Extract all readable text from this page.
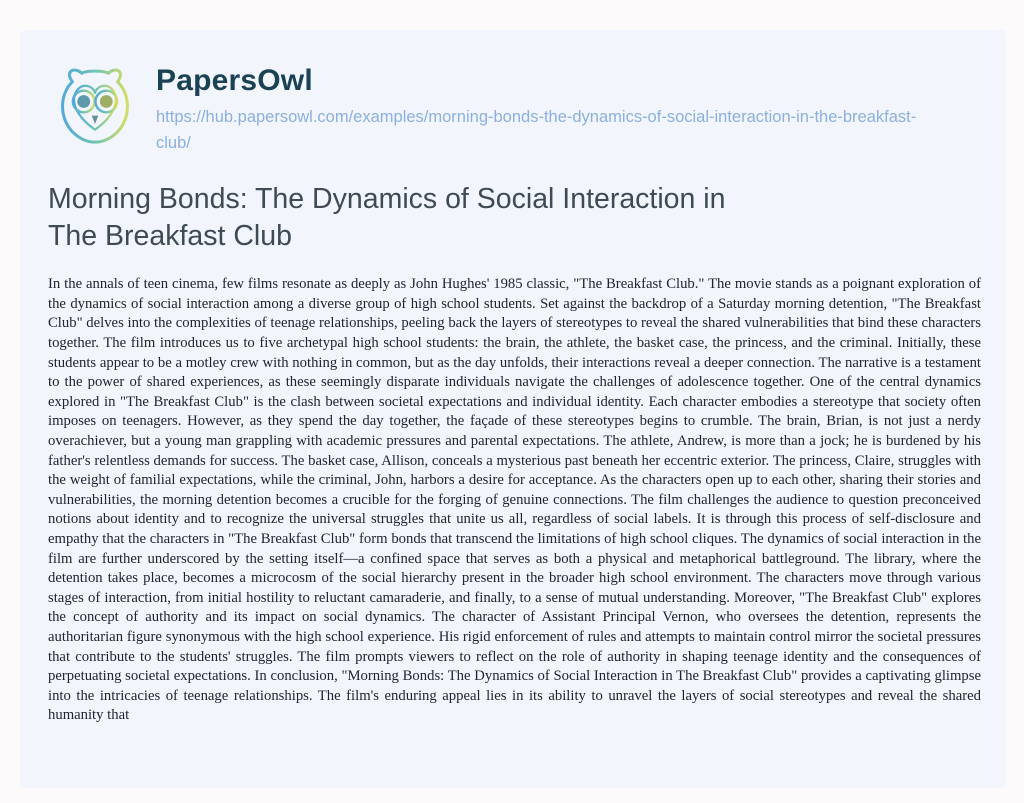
PapersOwl
https://hub.papersowl.com/examples/morning-bonds-the-dynamics-of-social-interaction-in-the-breakfast-club/
Morning Bonds: The Dynamics of Social Interaction in The Breakfast Club

In the annals of teen cinema, few films resonate as deeply as John Hughes' 1985 classic, "The Breakfast Club." The movie stands as a poignant exploration of the dynamics of social interaction among a diverse group of high school students. Set against the backdrop of a Saturday morning detention, "The Breakfast Club" delves into the complexities of teenage relationships, peeling back the layers of stereotypes to reveal the shared vulnerabilities that bind these characters together. The film introduces us to five archetypal high school students: the brain, the athlete, the basket case, the princess, and the criminal. Initially, these students appear to be a motley crew with nothing in common, but as the day unfolds, their interactions reveal a deeper connection. The narrative is a testament to the power of shared experiences, as these seemingly disparate individuals navigate the challenges of adolescence together. One of the central dynamics explored in "The Breakfast Club" is the clash between societal expectations and individual identity. Each character embodies a stereotype that society often imposes on teenagers. However, as they spend the day together, the façade of these stereotypes begins to crumble. The brain, Brian, is not just a nerdy overachiever, but a young man grappling with academic pressures and parental expectations. The athlete, Andrew, is more than a jock; he is burdened by his father's relentless demands for success. The basket case, Allison, conceals a mysterious past beneath her eccentric exterior. The princess, Claire, struggles with the weight of familial expectations, while the criminal, John, harbors a desire for acceptance. As the characters open up to each other, sharing their stories and vulnerabilities, the morning detention becomes a crucible for the forging of genuine connections. The film challenges the audience to question preconceived notions about identity and to recognize the universal struggles that unite us all, regardless of social labels. It is through this process of self-disclosure and empathy that the characters in "The Breakfast Club" form bonds that transcend the limitations of high school cliques. The dynamics of social interaction in the film are further underscored by the setting itself—a confined space that serves as both a physical and metaphorical battleground. The library, where the detention takes place, becomes a microcosm of the social hierarchy present in the broader high school environment. The characters move through various stages of interaction, from initial hostility to reluctant camaraderie, and finally, to a sense of mutual understanding. Moreover, "The Breakfast Club" explores the concept of authority and its impact on social dynamics. The character of Assistant Principal Vernon, who oversees the detention, represents the authoritarian figure synonymous with the high school experience. His rigid enforcement of rules and attempts to maintain control mirror the societal pressures that contribute to the students' struggles. The film prompts viewers to reflect on the role of authority in shaping teenage identity and the consequences of perpetuating societal expectations. In conclusion, "Morning Bonds: The Dynamics of Social Interaction in The Breakfast Club" provides a captivating glimpse into the intricacies of teenage relationships. The film's enduring appeal lies in its ability to unravel the layers of social stereotypes and reveal the shared humanity that
